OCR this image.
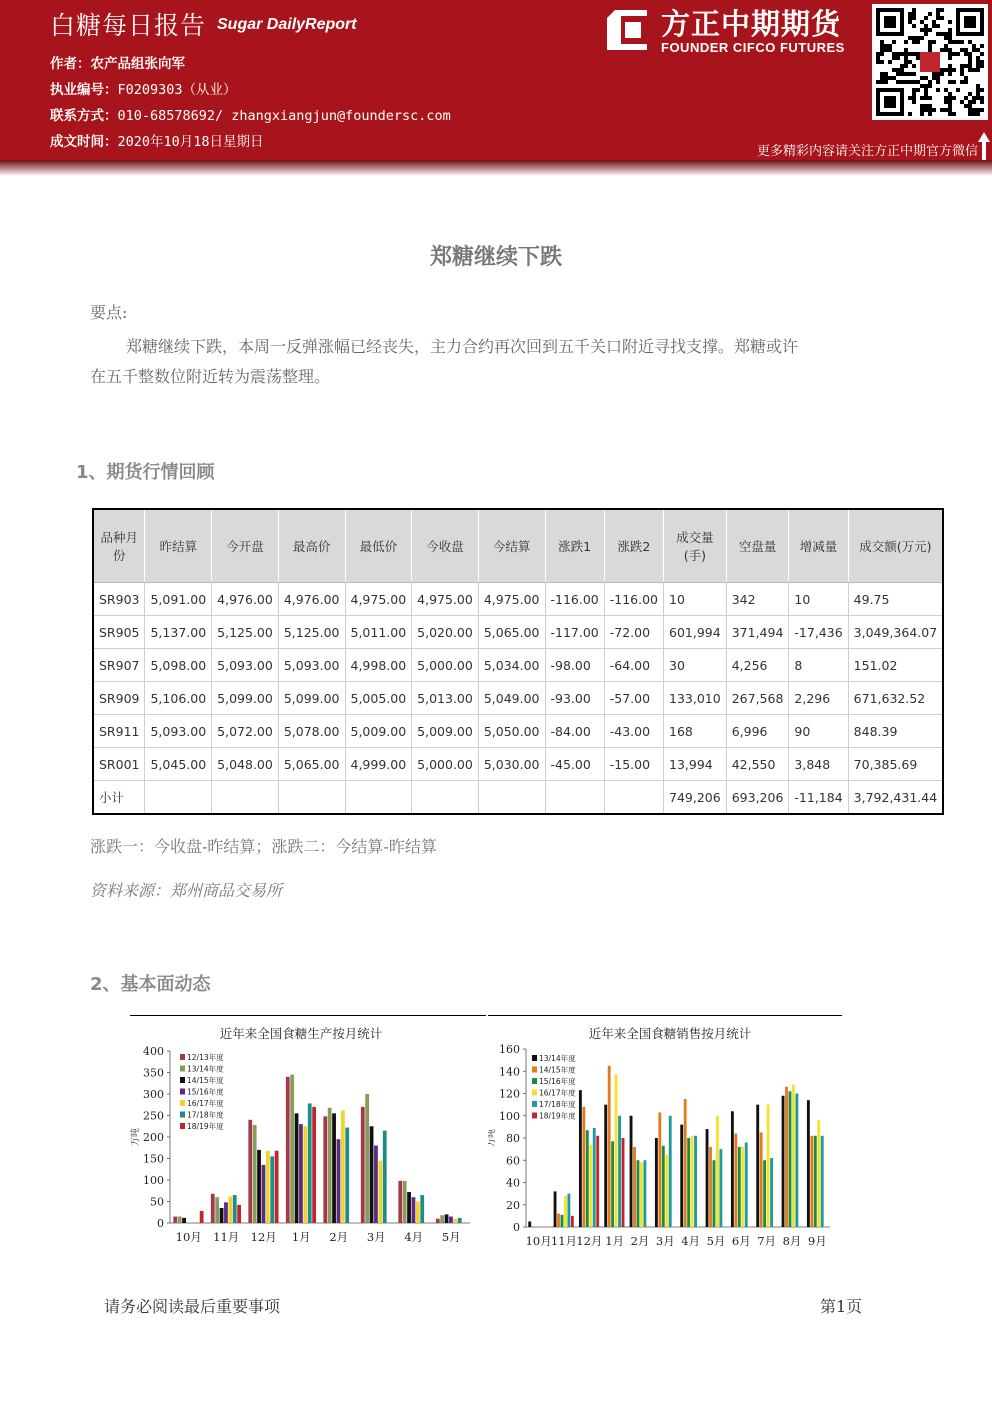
白糖每日报告 Sugar DailyReport
作者：农产品组张向军
执业编号：F0209303（从业）
联系方式：010-68578692/ zhangxiangjun@foundersc.com
成文时间：2020年10月18日星期日
方正中期期货
FOUNDER CIFCO FUTURES
更多精彩内容请关注方正中期官方微信
郑糖继续下跌
要点:
郑糖继续下跌，本周一反弹涨幅已经丧失，主力合约再次回到五千关口附近寻找支撑。郑糖或许
在五千整数位附近转为震荡整理。
1、期货行情回顾
品种月份	昨结算	今开盘	最高价	最低价	今收盘	今结算	涨跌1	涨跌2	成交量(手)	空盘量	增减量	成交额(万元)
SR903	5,091.00	4,976.00	4,976.00	4,975.00	4,975.00	4,975.00	-116.00	-116.00	10	342	10	49.75
SR905	5,137.00	5,125.00	5,125.00	5,011.00	5,020.00	5,065.00	-117.00	-72.00	601,994	371,494	-17,436	3,049,364.07
SR907	5,098.00	5,093.00	5,093.00	4,998.00	5,000.00	5,034.00	-98.00	-64.00	30	4,256	8	151.02
SR909	5,106.00	5,099.00	5,099.00	5,005.00	5,013.00	5,049.00	-93.00	-57.00	133,010	267,568	2,296	671,632.52
SR911	5,093.00	5,072.00	5,078.00	5,009.00	5,009.00	5,050.00	-84.00	-43.00	168	6,996	90	848.39
SR001	5,045.00	5,048.00	5,065.00	4,999.00	5,000.00	5,030.00	-45.00	-15.00	13,994	42,550	3,848	70,385.69
小计									749,206	693,206	-11,184	3,792,431.44
涨跌一：今收盘-昨结算；涨跌二：今结算-昨结算
资料来源：郑州商品交易所
2、基本面动态
近年来全国食糖生产按月统计
万吨
0
50
100
150
200
250
300
350
400
10月 11月 12月 1月 2月 3月 4月 5月
12/13年度
13/14年度
14/15年度
15/16年度
16/17年度
17/18年度
18/19年度
近年来全国食糖销售按月统计
万吨
0
20
40
60
80
100
120
140
160
10月 11月 12月 1月 2月 3月 4月 5月 6月 7月 8月 9月
13/14年度
14/15年度
15/16年度
16/17年度
17/18年度
18/19年度
请务必阅读最后重要事项	第1页
